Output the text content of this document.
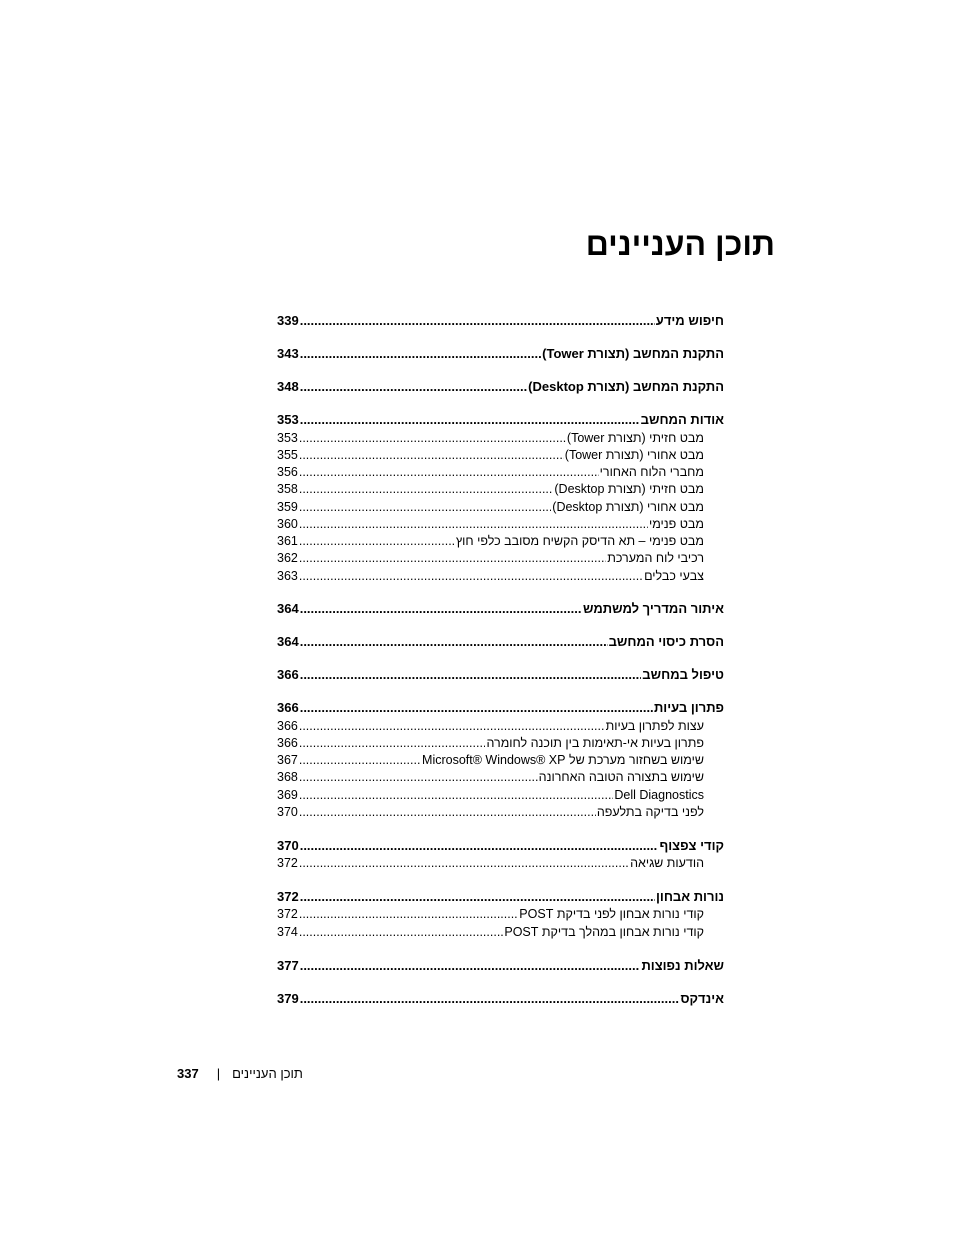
תוכן העניינים
339 .....	חיפוש מידע
343 .....	התקנת המחשב (תצורת Tower)
348 .....	התקנת המחשב (תצורת Desktop)
353 .....	אודות המחשב
353 .....	מבט חזיתי (תצורת Tower)
355 .....	מבט אחורי (תצורת Tower)
356 .....	מחברי הלוח האחורי
358 .....	מבט חזיתי (תצורת Desktop)
359 .....	מבט אחורי (תצורת Desktop)
360 .....	מבט פנימי
361 .....	מבט פנימי – תא הדיסק הקשיח מסובב כלפי חוץ
362 .....	רכיבי לוח המערכת
363 .....	צבעי כבלים
364 .....	איתור המדריך למשתמש
364 .....	הסרת כיסוי המחשב
366 .....	טיפול במחשב
366 .....	פתרון בעיות
366 .....	עצות לפתרון בעיות
366 .....	פתרון בעיות אי-תאימות בין תוכנה לחומרה
367 .....	שימוש בשחזור מערכת של Microsoft® Windows® XP
368 .....	שימוש בתצורה הטובה האחרונה
369 .....	Dell Diagnostics
370 .....	לפני בדיקה בתלעפה
370 .....	קודי צפצוף
372 .....	הודעות שגיאה
372 .....	נורות אבחון
372 .....	קודי נורות אבחון לפני בדיקת POST
374 .....	קודי נורות אבחון במהלך בדיקת POST
377 .....	שאלות נפוצות
379 .....	אינדקס
337 | תוכן העניינים
